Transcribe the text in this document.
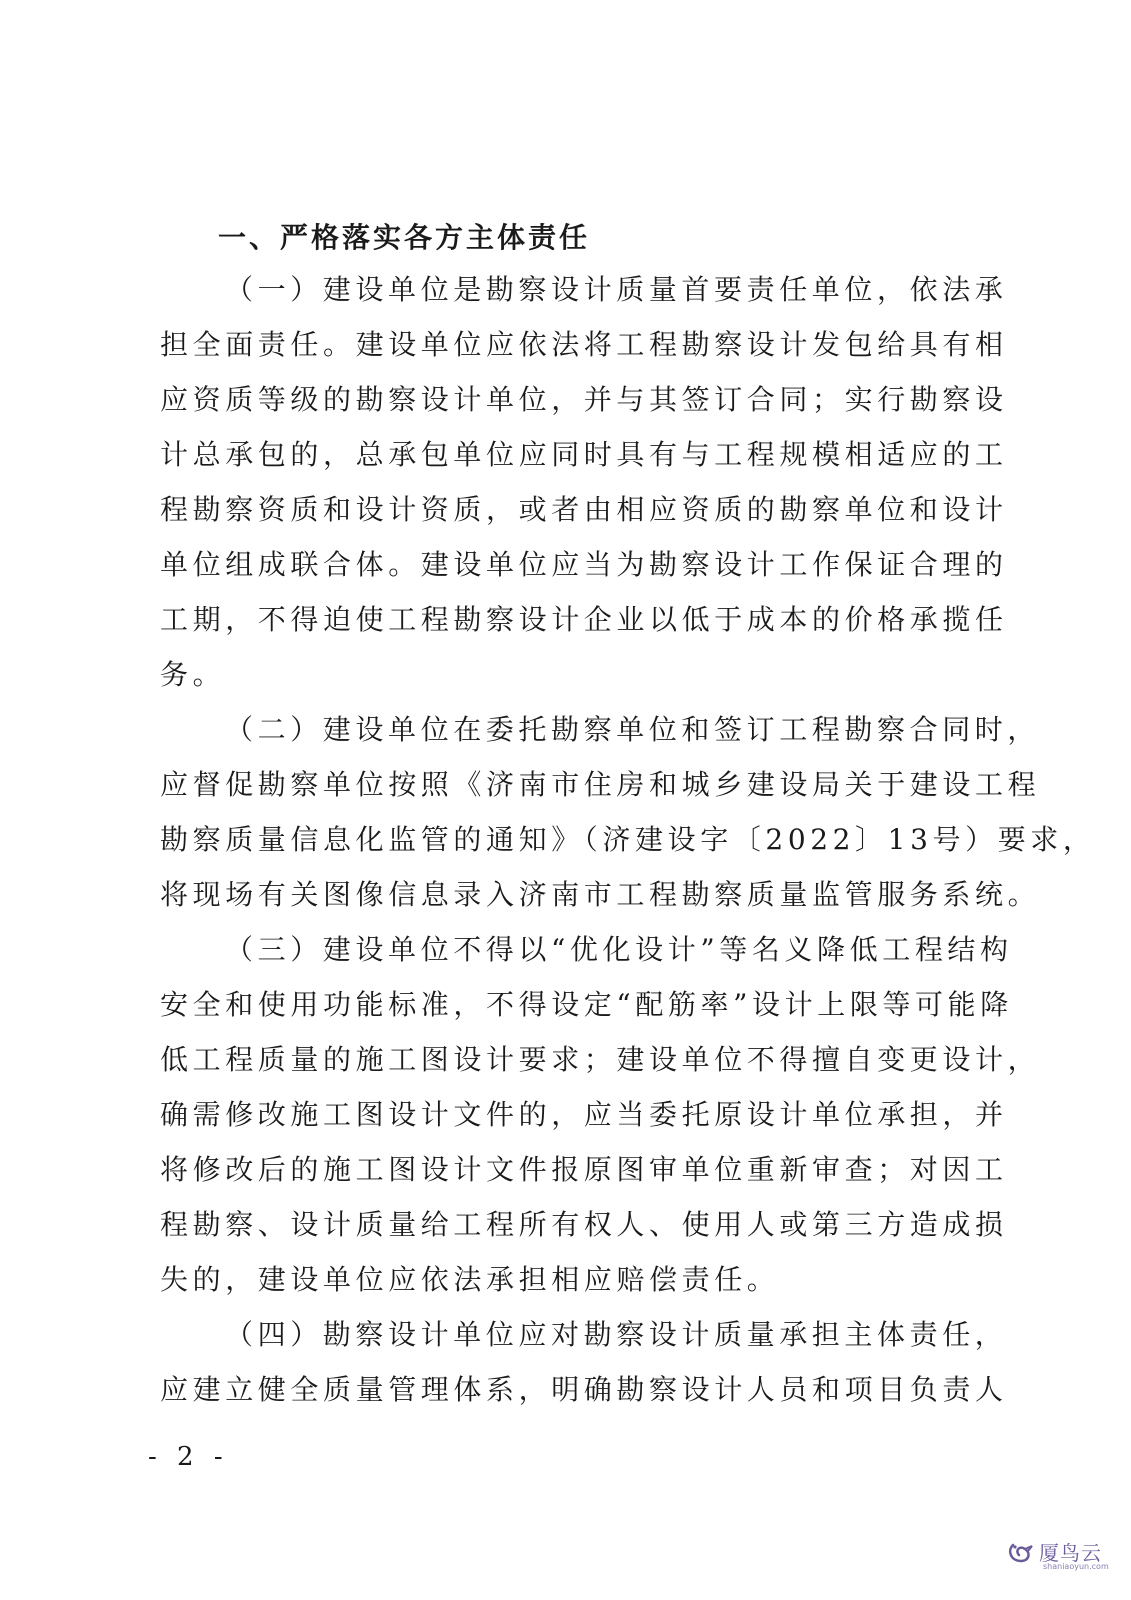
一、严格落实各方主体责任
（一）建设单位是勘察设计质量首要责任单位，依法承
担全面责任。建设单位应依法将工程勘察设计发包给具有相
应资质等级的勘察设计单位，并与其签订合同；实行勘察设
计总承包的，总承包单位应同时具有与工程规模相适应的工
程勘察资质和设计资质，或者由相应资质的勘察单位和设计
单位组成联合体。建设单位应当为勘察设计工作保证合理的
工期，不得迫使工程勘察设计企业以低于成本的价格承揽任
务。
（二）建设单位在委托勘察单位和签订工程勘察合同时，
应督促勘察单位按照《济南市住房和城乡建设局关于建设工程
勘察质量信息化监管的通知》（济建设字〔2022〕13号）要求，
将现场有关图像信息录入济南市工程勘察质量监管服务系统。
（三）建设单位不得以“优化设计”等名义降低工程结构
安全和使用功能标准，不得设定“配筋率”设计上限等可能降
低工程质量的施工图设计要求；建设单位不得擅自变更设计，
确需修改施工图设计文件的，应当委托原设计单位承担，并
将修改后的施工图设计文件报原图审单位重新审查；对因工
程勘察、设计质量给工程所有权人、使用人或第三方造成损
失的，建设单位应依法承担相应赔偿责任。
（四）勘察设计单位应对勘察设计质量承担主体责任，
应建立健全质量管理体系，明确勘察设计人员和项目负责人
- 2 -
厦鸟云
shaniaoyun.com
